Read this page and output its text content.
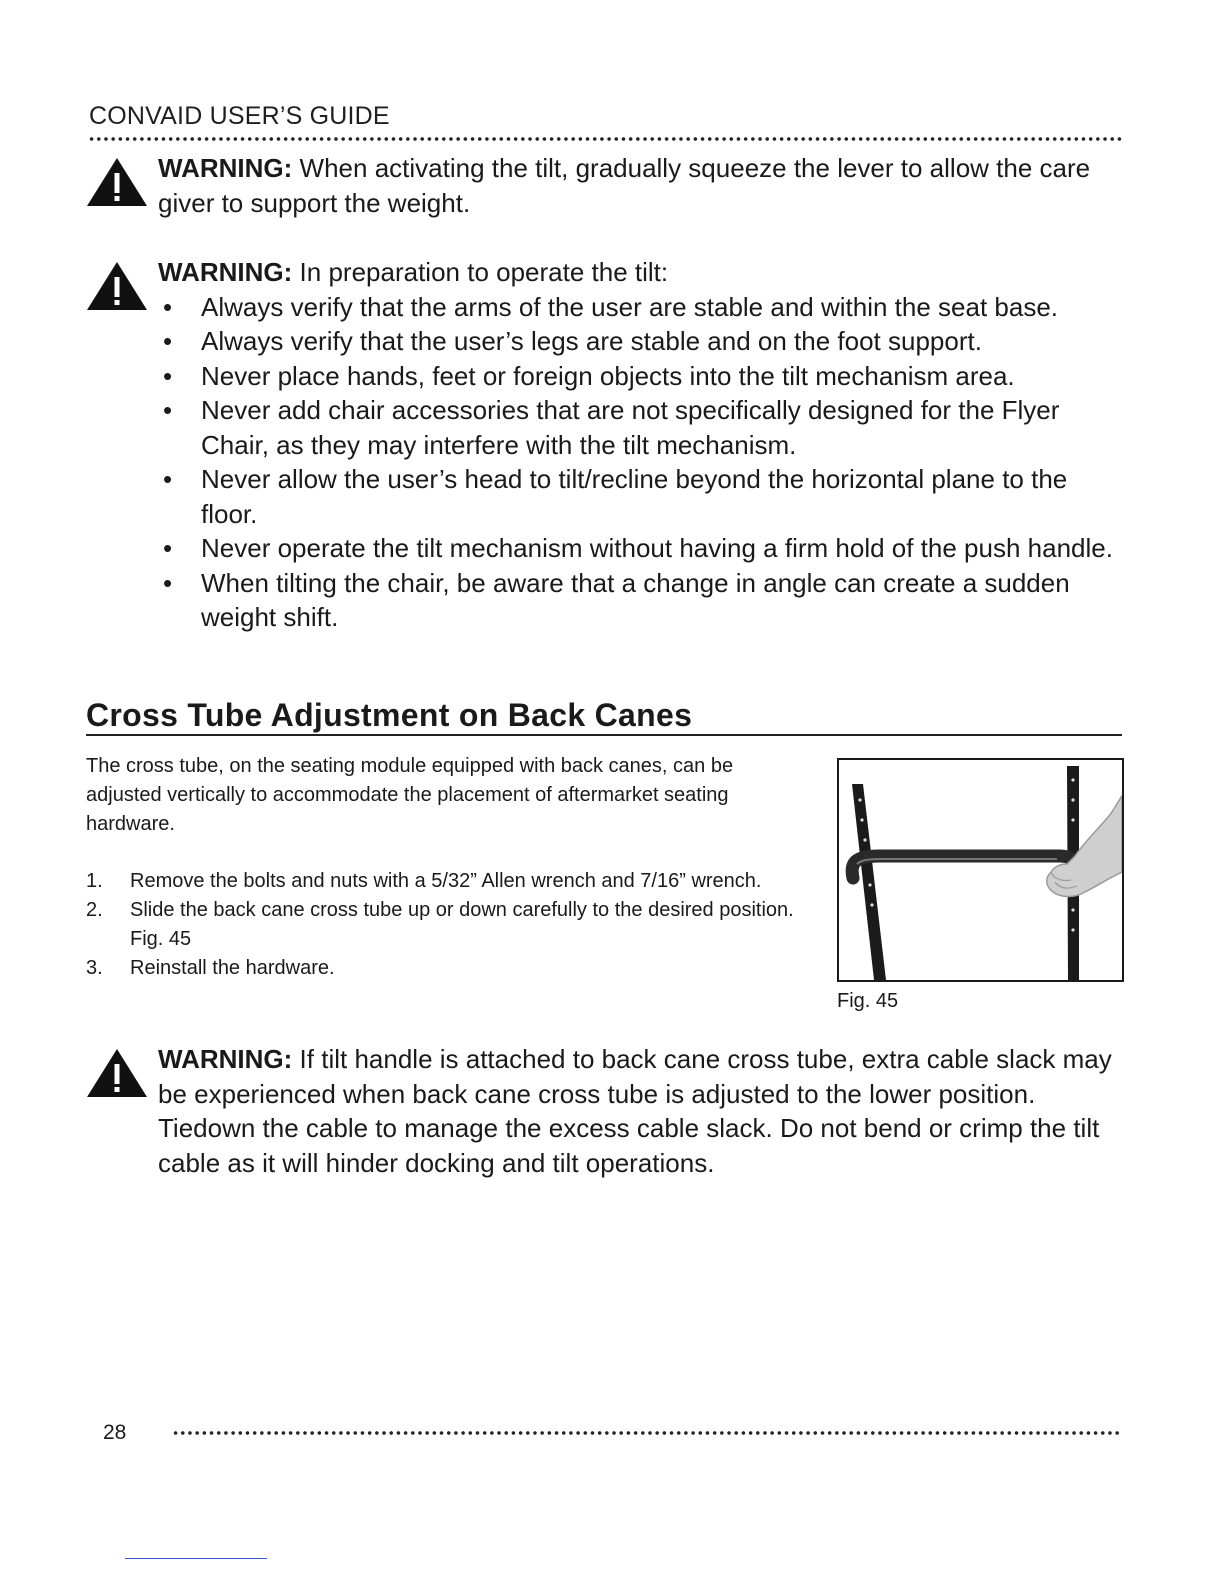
CONVAID USER’S GUIDE
WARNING: When activating the tilt, gradually squeeze the lever to allow the care giver to support the weight.
WARNING: In preparation to operate the tilt:
• Always verify that the arms of the user are stable and within the seat base.
• Always verify that the user’s legs are stable and on the foot support.
• Never place hands, feet or foreign objects into the tilt mechanism area.
• Never add chair accessories that are not specifically designed for the Flyer Chair, as they may interfere with the tilt mechanism.
• Never allow the user’s head to tilt/recline beyond the horizontal plane to the floor.
• Never operate the tilt mechanism without having a firm hold of the push handle.
• When tilting the chair, be aware that a change in angle can create a sudden weight shift.
Cross Tube Adjustment on Back Canes
The cross tube, on the seating module equipped with back canes, can be adjusted vertically to accommodate the placement of aftermarket seating hardware.
1. Remove the bolts and nuts with a 5/32” Allen wrench and 7/16” wrench.
2. Slide the back cane cross tube up or down carefully to the desired position. Fig. 45
3. Reinstall the hardware.
Fig. 45
WARNING: If tilt handle is attached to back cane cross tube, extra cable slack may be experienced when back cane cross tube is adjusted to the lower position. Tiedown the cable to manage the excess cable slack. Do not bend or crimp the tilt cable as it will hinder docking and tilt operations.
28
